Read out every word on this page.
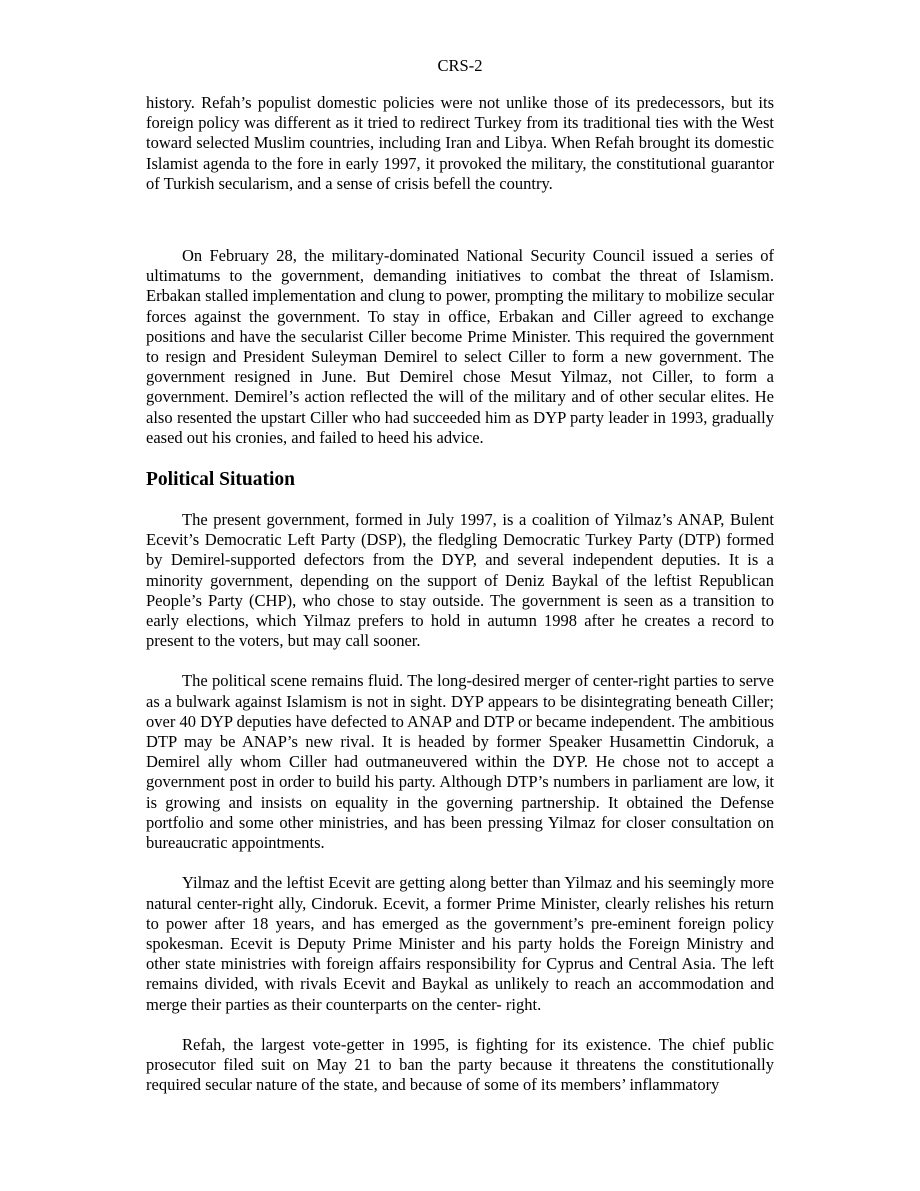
CRS-2

history. Refah’s populist domestic policies were not unlike those of its predecessors, but its foreign policy was different as it tried to redirect Turkey from its traditional ties with the West toward selected Muslim countries, including Iran and Libya. When Refah brought its domestic Islamist agenda to the fore in early 1997, it provoked the military, the constitutional guarantor of Turkish secularism, and a sense of crisis befell the country.

On February 28, the military-dominated National Security Council issued a series of ultimatums to the government, demanding initiatives to combat the threat of Islamism. Erbakan stalled implementation and clung to power, prompting the military to mobilize secular forces against the government. To stay in office, Erbakan and Ciller agreed to exchange positions and have the secularist Ciller become Prime Minister. This required the government to resign and President Suleyman Demirel to select Ciller to form a new government. The government resigned in June. But Demirel chose Mesut Yilmaz, not Ciller, to form a government. Demirel’s action reflected the will of the military and of other secular elites. He also resented the upstart Ciller who had succeeded him as DYP party leader in 1993, gradually eased out his cronies, and failed to heed his advice.

Political Situation

The present government, formed in July 1997, is a coalition of Yilmaz’s ANAP, Bulent Ecevit’s Democratic Left Party (DSP), the fledgling Democratic Turkey Party (DTP) formed by Demirel-supported defectors from the DYP, and several independent deputies. It is a minority government, depending on the support of Deniz Baykal of the leftist Republican People’s Party (CHP), who chose to stay outside. The government is seen as a transition to early elections, which Yilmaz prefers to hold in autumn 1998 after he creates a record to present to the voters, but may call sooner.

The political scene remains fluid. The long-desired merger of center-right parties to serve as a bulwark against Islamism is not in sight. DYP appears to be disintegrating beneath Ciller; over 40 DYP deputies have defected to ANAP and DTP or became independent. The ambitious DTP may be ANAP’s new rival. It is headed by former Speaker Husamettin Cindoruk, a Demirel ally whom Ciller had outmaneuvered within the DYP. He chose not to accept a government post in order to build his party. Although DTP’s numbers in parliament are low, it is growing and insists on equality in the governing partnership. It obtained the Defense portfolio and some other ministries, and has been pressing Yilmaz for closer consultation on bureaucratic appointments.

Yilmaz and the leftist Ecevit are getting along better than Yilmaz and his seemingly more natural center-right ally, Cindoruk. Ecevit, a former Prime Minister, clearly relishes his return to power after 18 years, and has emerged as the government’s pre-eminent foreign policy spokesman. Ecevit is Deputy Prime Minister and his party holds the Foreign Ministry and other state ministries with foreign affairs responsibility for Cyprus and Central Asia. The left remains divided, with rivals Ecevit and Baykal as unlikely to reach an accommodation and merge their parties as their counterparts on the center- right.

Refah, the largest vote-getter in 1995, is fighting for its existence. The chief public prosecutor filed suit on May 21 to ban the party because it threatens the constitutionally required secular nature of the state, and because of some of its members’ inflammatory
